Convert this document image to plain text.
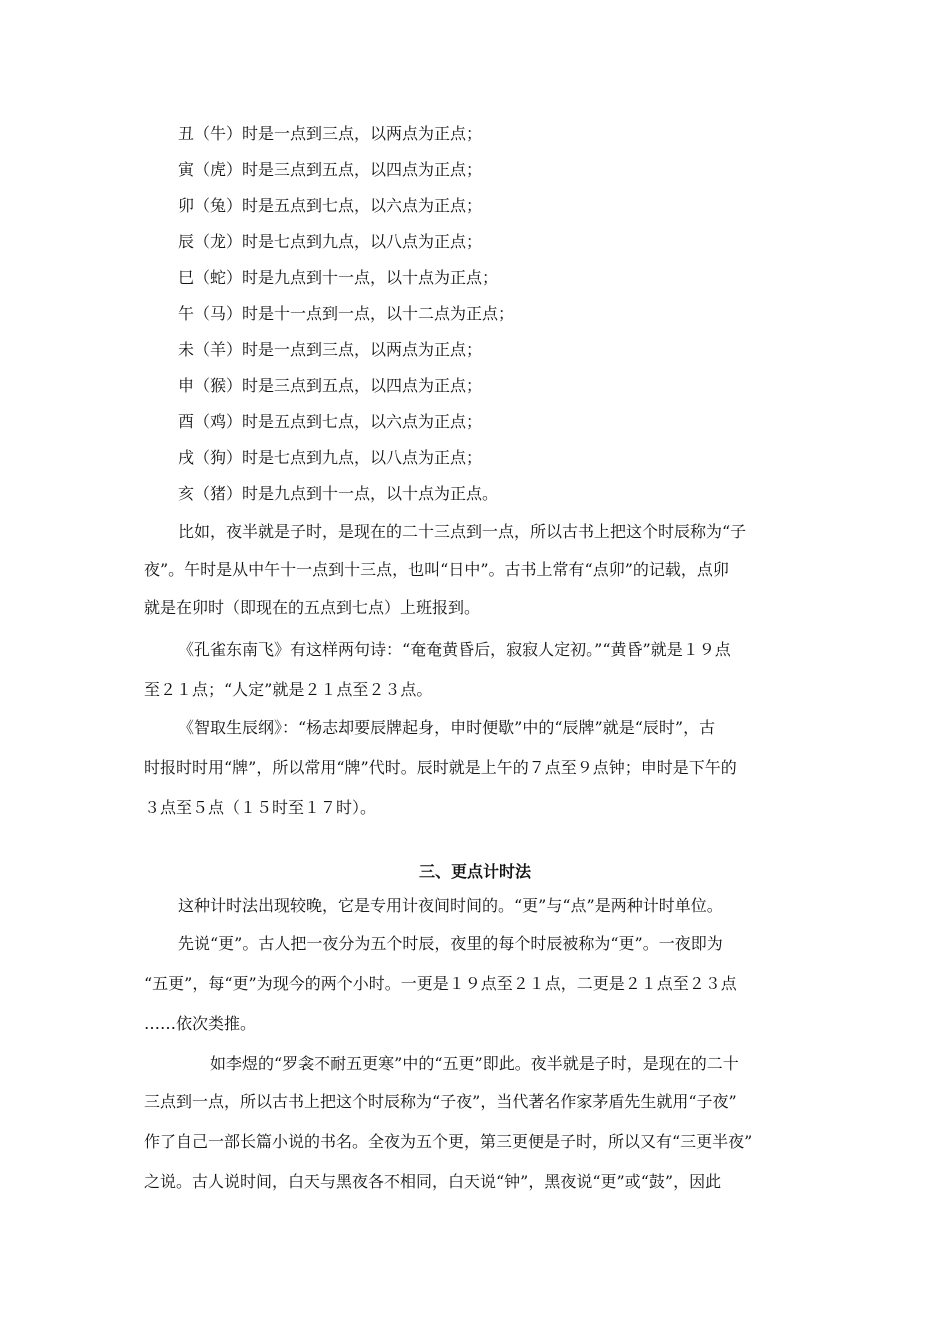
丑（牛）时是一点到三点，以两点为正点；
寅（虎）时是三点到五点，以四点为正点；
卯（兔）时是五点到七点，以六点为正点；
辰（龙）时是七点到九点，以八点为正点；
巳（蛇）时是九点到十一点，以十点为正点；
午（马）时是十一点到一点，以十二点为正点；
未（羊）时是一点到三点，以两点为正点；
申（猴）时是三点到五点，以四点为正点；
酉（鸡）时是五点到七点，以六点为正点；
戌（狗）时是七点到九点，以八点为正点；
亥（猪）时是九点到十一点，以十点为正点。
比如，夜半就是子时，是现在的二十三点到一点，所以古书上把这个时辰称为“子
夜”。午时是从中午十一点到十三点，也叫“日中”。古书上常有“点卯”的记载，点卯
就是在卯时（即现在的五点到七点）上班报到。
《孔雀东南飞》有这样两句诗：“奄奄黄昏后，寂寂人定初。”“黄昏”就是１９点
至２１点；“人定”就是２１点至２３点。
《智取生辰纲》：“杨志却要辰牌起身，申时便歇”中的“辰牌”就是“辰时”，古
时报时时用“牌”，所以常用“牌”代时。辰时就是上午的７点至９点钟；申时是下午的
３点至５点（１５时至１７时）。
三、更点计时法
这种计时法出现较晚，它是专用计夜间时间的。“更”与“点”是两种计时单位。
先说“更”。古人把一夜分为五个时辰，夜里的每个时辰被称为“更”。一夜即为
“五更”，每“更”为现今的两个小时。一更是１９点至２１点，二更是２１点至２３点
……依次类推。
如李煜的“罗衾不耐五更寒”中的“五更”即此。夜半就是子时，是现在的二十
三点到一点，所以古书上把这个时辰称为“子夜”，当代著名作家茅盾先生就用“子夜”
作了自己一部长篇小说的书名。全夜为五个更，第三更便是子时，所以又有“三更半夜”
之说。古人说时间，白天与黑夜各不相同，白天说“钟”，黑夜说“更”或“鼓”，因此
